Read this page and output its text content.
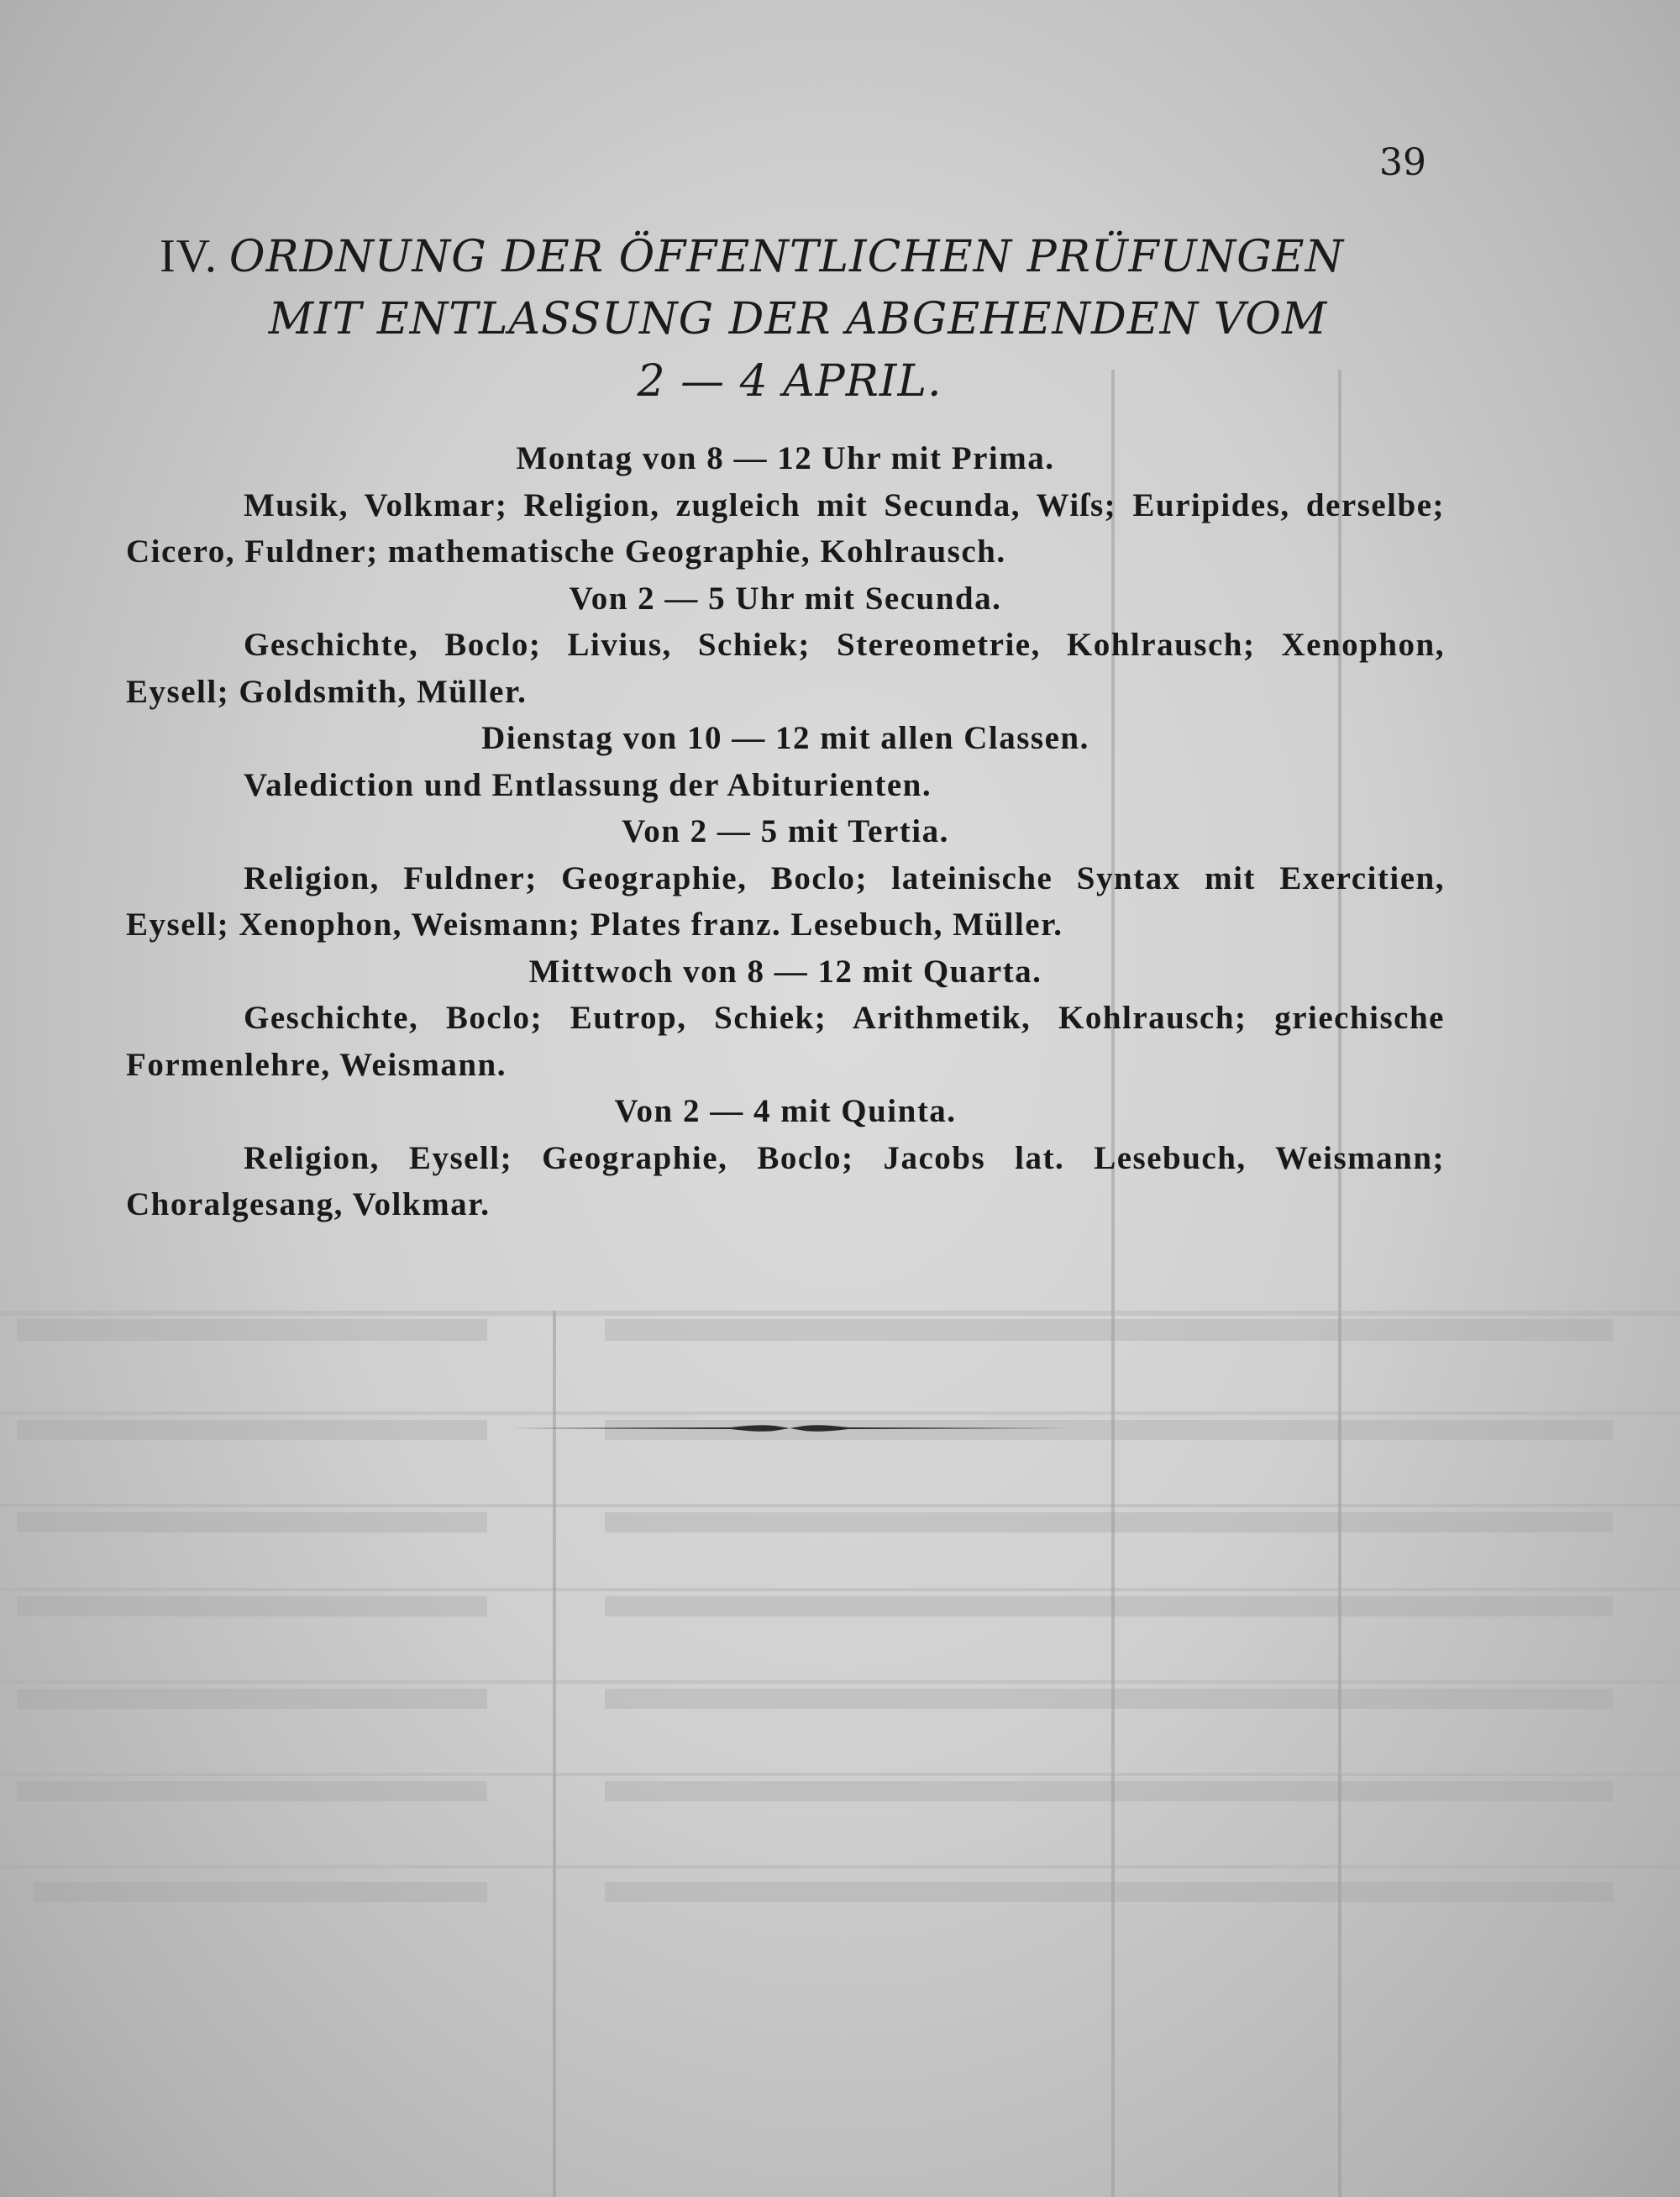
39
IV. ORDNUNG DER ÖFFENTLICHEN PRÜFUNGEN
MIT ENTLASSUNG DER ABGEHENDEN VOM
2 — 4 APRIL.
Montag von 8 — 12 Uhr mit Prima.
Musik, Volkmar; Religion, zugleich mit Secunda, Wiſs; Euripides, derselbe; Cicero, Fuldner; mathematische Geographie, Kohlrausch.
Von 2 — 5 Uhr mit Secunda.
Geschichte, Boclo; Livius, Schiek; Stereometrie, Kohlrausch; Xenophon, Eysell; Goldsmith, Müller.
Dienstag von 10 — 12 mit allen Classen.
Valediction und Entlassung der Abiturienten.
Von 2 — 5 mit Tertia.
Religion, Fuldner; Geographie, Boclo; lateinische Syntax mit Exercitien, Eysell; Xenophon, Weismann; Plates franz. Lesebuch, Müller.
Mittwoch von 8 — 12 mit Quarta.
Geschichte, Boclo; Eutrop, Schiek; Arithmetik, Kohlrausch; griechische Formenlehre, Weismann.
Von 2 — 4 mit Quinta.
Religion, Eysell; Geographie, Boclo; Jacobs lat. Lesebuch, Weismann; Choralgesang, Volkmar.
